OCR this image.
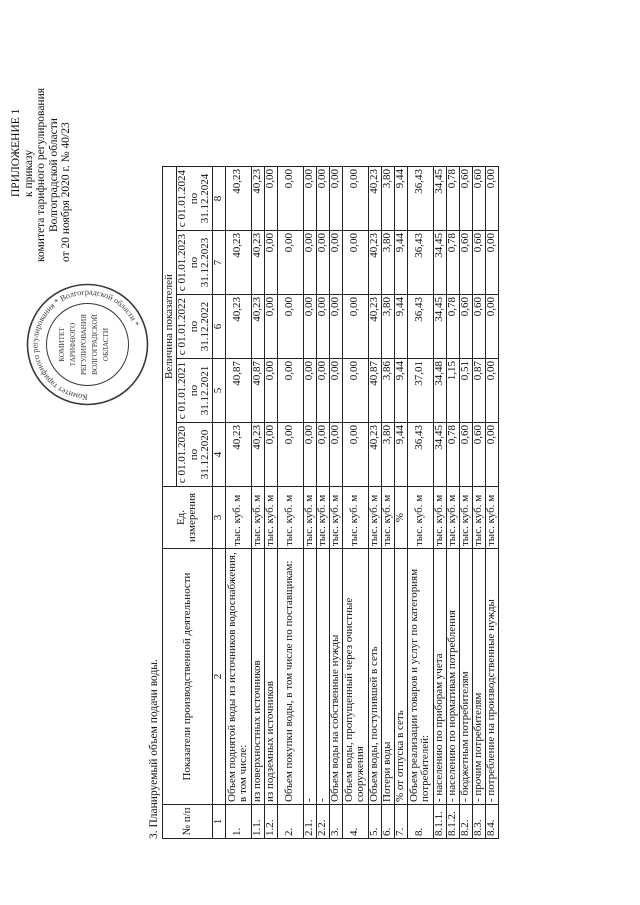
ПРИЛОЖЕНИЕ 1 к приказу комитета тарифного регулирования Волгоградской области от 20 ноября 2020 г. № 40/23
Комитет тарифного регулирования * Волгоградской области *
КОМИТЕТ ТАРИФНОГО РЕГУЛИРОВАНИЯ ВОЛГОГРАДСКОЙ ОБЛАСТИ
3. Планируемый объем подачи воды. № п/п	Показатели производственной деятельности	Ед. измерения	Величина показателей				
			с 01.01.2020 по 31.12.2020	с 01.01.2021 по 31.12.2021	с 01.01.2022 по 31.12.2022	с 01.01.2023 по 31.12.2023	с 01.01.2024 по 31.12.2024
1	2	3	4	5	6	7	8
1.	Объем поднятой воды из источников водоснабжения, в том числе:	тыс. куб. м	40,23	40,87	40,23	40,23	40,23
1.1.	из поверхностных источников	тыс. куб. м	40,23	40,87	40,23	40,23	40,23
1.2.	из подземных источников	тыс. куб. м	0,00	0,00	0,00	0,00	0,00
2.	Объем покупки воды, в том числе по поставщикам:	тыс. куб. м	0,00	0,00	0,00	0,00	0,00
2.1.	-	тыс. куб. м	0,00	0,00	0,00	0,00	0,00
2.2.	-	тыс. куб. м	0,00	0,00	0,00	0,00	0,00
3.	Объем воды на собственные нужды	тыс. куб. м	0,00	0,00	0,00	0,00	0,00
4.	Объем воды, пропущенный через очистные сооружения	тыс. куб. м	0,00	0,00	0,00	0,00	0,00
5.	Объем воды, поступившей в сеть	тыс. куб. м	40,23	40,87	40,23	40,23	40,23
6.	Потери воды	тыс. куб. м	3,80	3,86	3,80	3,80	3,80
7.	% от отпуска в сеть	%	9,44	9,44	9,44	9,44	9,44
8.	Объем реализации товаров и услуг по категориям потребителей:	тыс. куб. м	36,43	37,01	36,43	36,43	36,43
8.1.1.	- населению по приборам учета	тыс. куб. м	34,45	34,48	34,45	34,45	34,45
8.1.2.	- населению по нормативам потребления	тыс. куб. м	0,78	1,15	0,78	0,78	0,78
8.2.	- бюджетным потребителям	тыс. куб. м	0,60	0,51	0,60	0,60	0,60
8.3.	- прочим потребителям	тыс. куб. м	0,60	0,87	0,60	0,60	0,60
8.4.	- потребление на производственные нужды	тыс. куб. м	0,00	0,00	0,00	0,00	0,00
